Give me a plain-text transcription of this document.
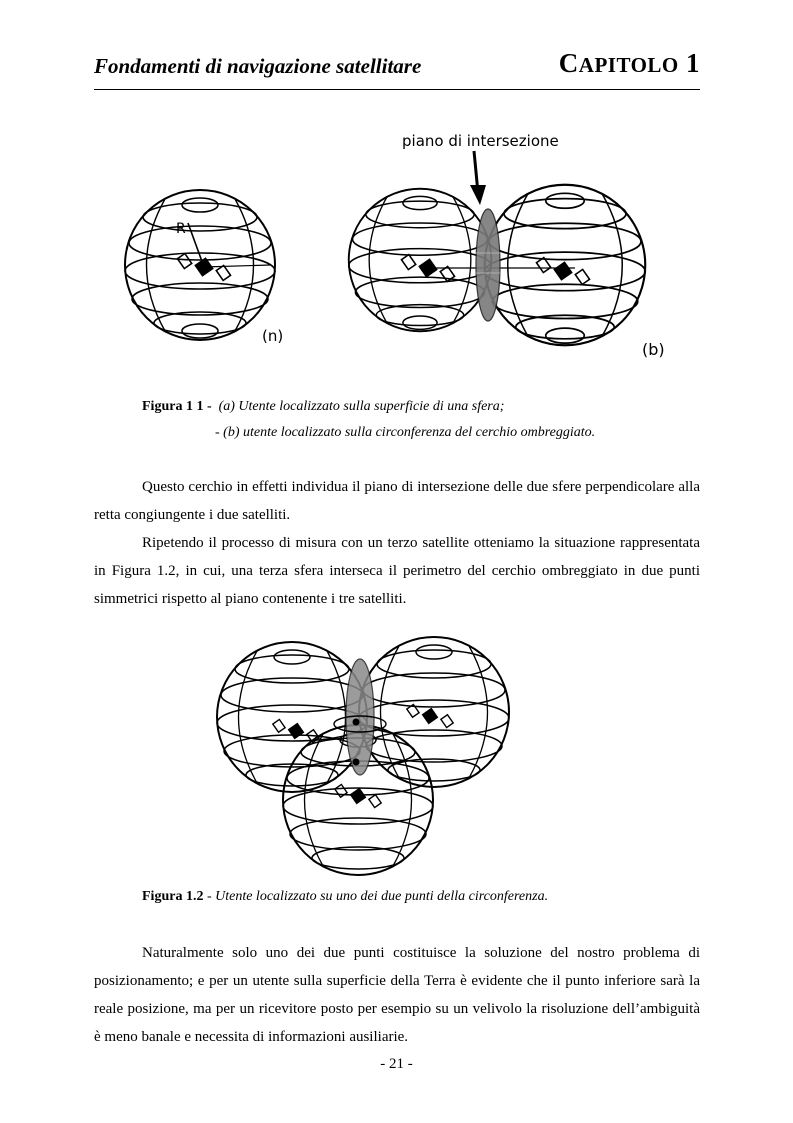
Fondamenti di navigazione satellitare	CAPITOLO 1
R
(n)
piano di intersezione
(b)
Figura 1 1 - (a) Utente localizzato sulla superficie di una sfera;
- (b) utente localizzato sulla circonferenza del cerchio ombreggiato.
Questo cerchio in effetti individua il piano di intersezione delle due sfere perpendicolare alla retta congiungente i due satelliti.
Ripetendo il processo di misura con un terzo satellite otteniamo la situazione rappresentata in Figura 1.2, in cui, una terza sfera interseca il perimetro del cerchio ombreggiato in due punti simmetrici rispetto al piano contenente i tre satelliti.
Figura 1.2 - Utente localizzato su uno dei due punti della circonferenza.
Naturalmente solo uno dei due punti costituisce la soluzione del nostro problema di posizionamento; e per un utente sulla superficie della Terra è evidente che il punto inferiore sarà la reale posizione, ma per un ricevitore posto per esempio su un velivolo la risoluzione dell’ambiguità è meno banale e necessita di informazioni ausiliarie.
- 21 -
